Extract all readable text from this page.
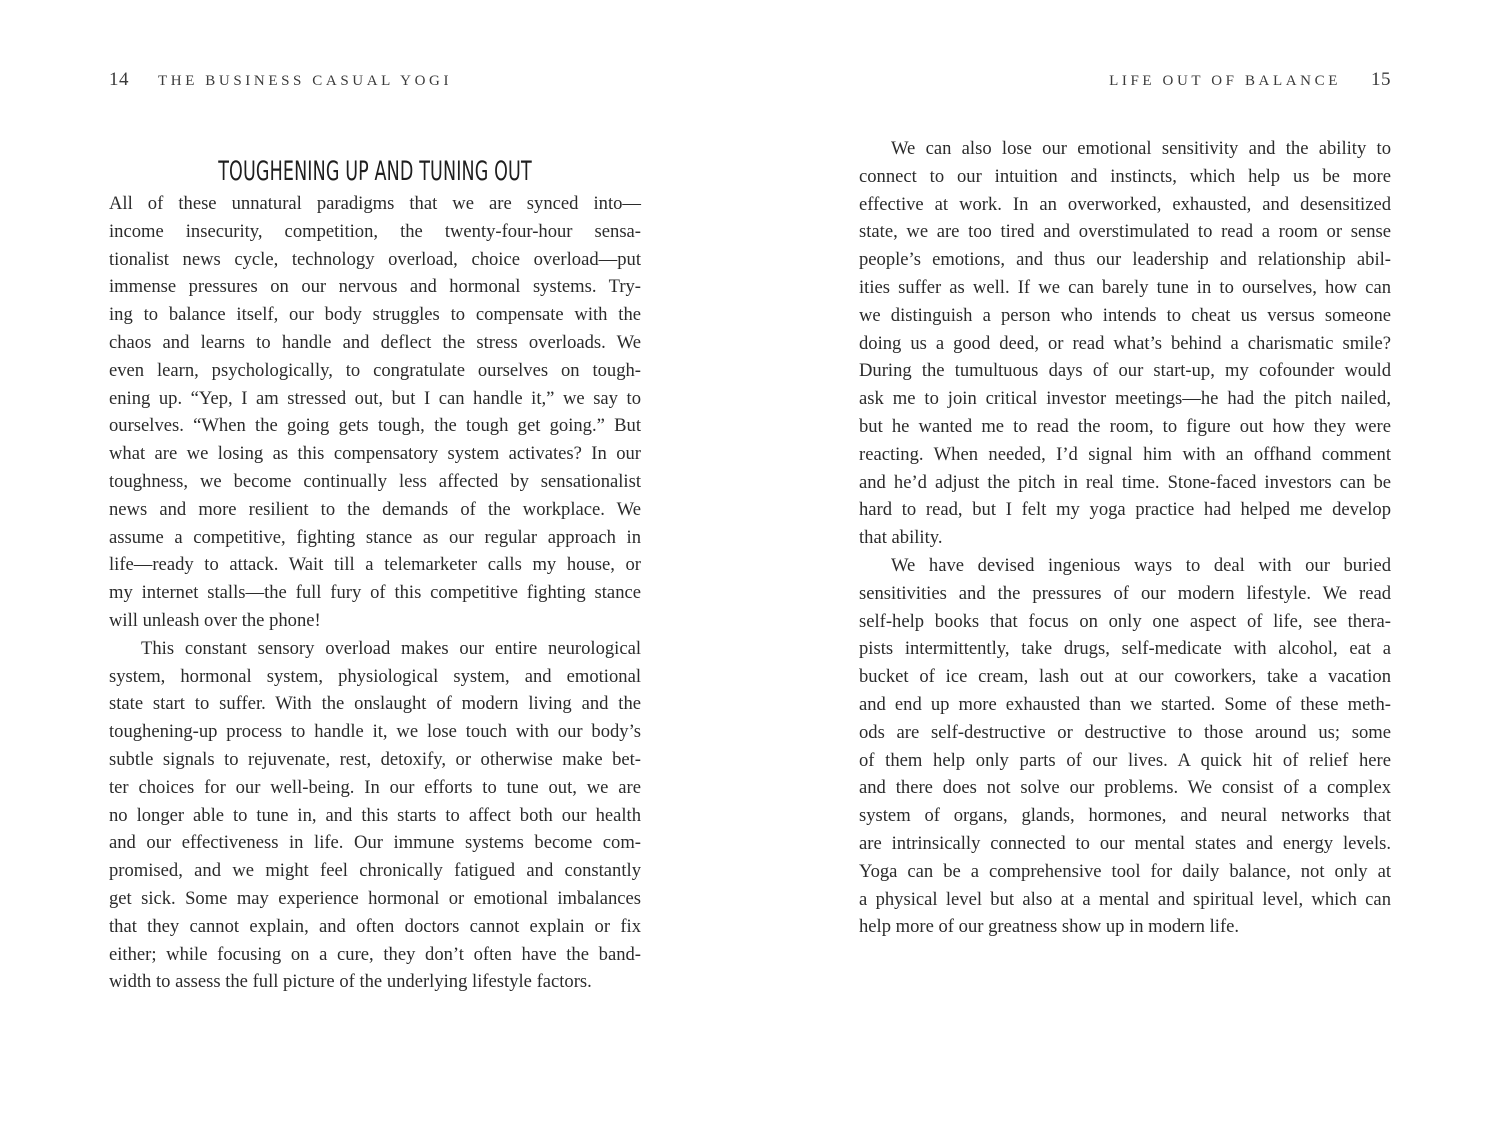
14 THE BUSINESS CASUAL YOGI
TOUGHENING UP AND TUNING OUT
All of these unnatural paradigms that we are synced into—
income insecurity, competition, the twenty-four-hour sensa-
tionalist news cycle, technology overload, choice overload—put
immense pressures on our nervous and hormonal systems. Try-
ing to balance itself, our body struggles to compensate with the
chaos and learns to handle and deflect the stress overloads. We
even learn, psychologically, to congratulate ourselves on tough-
ening up. “Yep, I am stressed out, but I can handle it,” we say to
ourselves. “When the going gets tough, the tough get going.” But
what are we losing as this compensatory system activates? In our
toughness, we become continually less affected by sensationalist
news and more resilient to the demands of the workplace. We
assume a competitive, fighting stance as our regular approach in
life—ready to attack. Wait till a telemarketer calls my house, or
my internet stalls—the full fury of this competitive fighting stance
will unleash over the phone!
This constant sensory overload makes our entire neurological
system, hormonal system, physiological system, and emotional
state start to suffer. With the onslaught of modern living and the
toughening-up process to handle it, we lose touch with our body’s
subtle signals to rejuvenate, rest, detoxify, or otherwise make bet-
ter choices for our well-being. In our efforts to tune out, we are
no longer able to tune in, and this starts to affect both our health
and our effectiveness in life. Our immune systems become com-
promised, and we might feel chronically fatigued and constantly
get sick. Some may experience hormonal or emotional imbalances
that they cannot explain, and often doctors cannot explain or fix
either; while focusing on a cure, they don’t often have the band-
width to assess the full picture of the underlying lifestyle factors.
LIFE OUT OF BALANCE 15
We can also lose our emotional sensitivity and the ability to
connect to our intuition and instincts, which help us be more
effective at work. In an overworked, exhausted, and desensitized
state, we are too tired and overstimulated to read a room or sense
people’s emotions, and thus our leadership and relationship abil-
ities suffer as well. If we can barely tune in to ourselves, how can
we distinguish a person who intends to cheat us versus someone
doing us a good deed, or read what’s behind a charismatic smile?
During the tumultuous days of our start-up, my cofounder would
ask me to join critical investor meetings—he had the pitch nailed,
but he wanted me to read the room, to figure out how they were
reacting. When needed, I’d signal him with an offhand comment
and he’d adjust the pitch in real time. Stone-faced investors can be
hard to read, but I felt my yoga practice had helped me develop
that ability.
We have devised ingenious ways to deal with our buried
sensitivities and the pressures of our modern lifestyle. We read
self-help books that focus on only one aspect of life, see thera-
pists intermittently, take drugs, self-medicate with alcohol, eat a
bucket of ice cream, lash out at our coworkers, take a vacation
and end up more exhausted than we started. Some of these meth-
ods are self-destructive or destructive to those around us; some
of them help only parts of our lives. A quick hit of relief here
and there does not solve our problems. We consist of a complex
system of organs, glands, hormones, and neural networks that
are intrinsically connected to our mental states and energy levels.
Yoga can be a comprehensive tool for daily balance, not only at
a physical level but also at a mental and spiritual level, which can
help more of our greatness show up in modern life.
